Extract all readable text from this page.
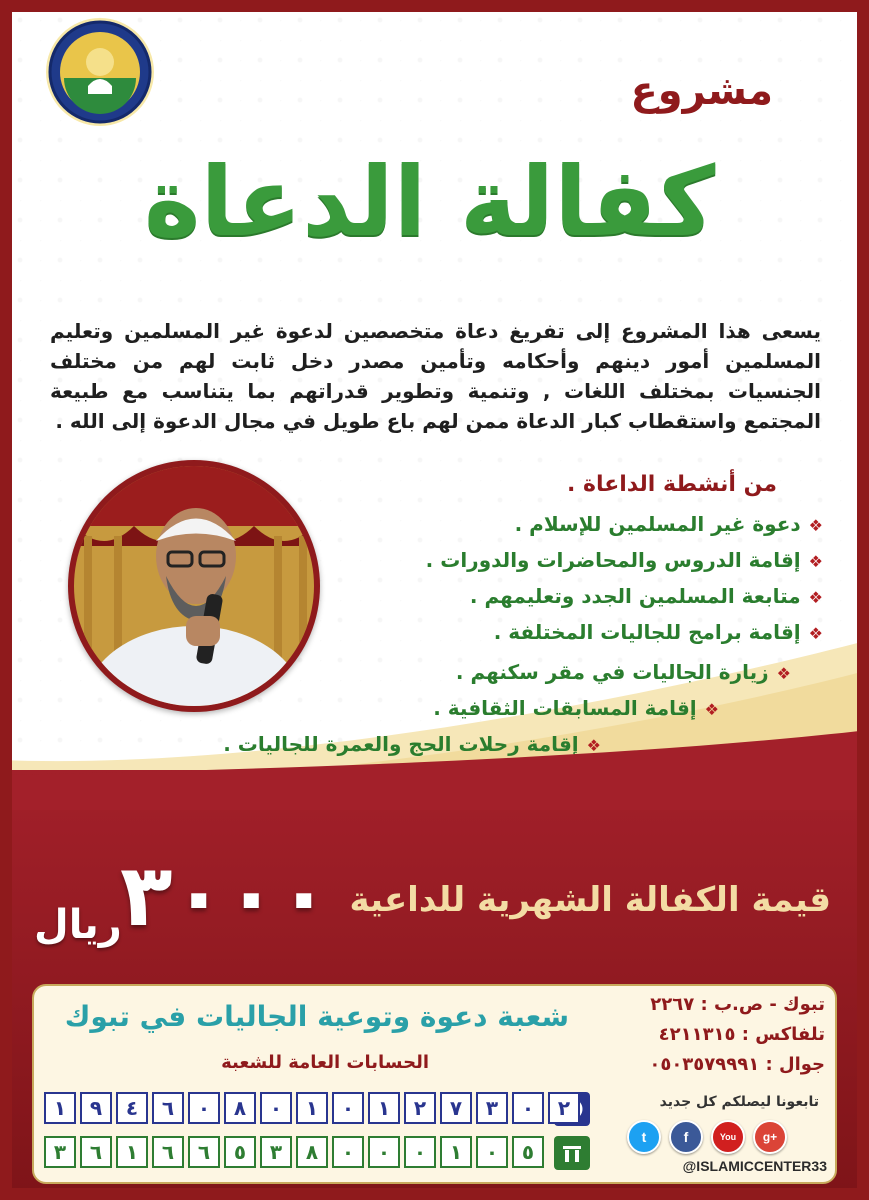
مشروع
كفالة الدعاة

يسعى هذا المشروع إلى تفريغ دعاة متخصصين لدعوة غير المسلمين وتعليم المسلمين أمور دينهم وأحكامه وتأمين مصدر دخل ثابت لهم من مختلف الجنسيات بمختلف اللغات , وتنمية وتطوير قدراتهم بما يتناسب مع طبيعة المجتمع واستقطاب كبار الدعاة ممن لهم باع طويل في مجال الدعوة إلى الله .

من أنشطة الداعاة .
❖دعوة غير المسلمين للإسلام .
❖إقامة الدروس والمحاضرات والدورات .
❖متابعة المسلمين الجدد وتعليمهم .
❖إقامة برامج للجاليات المختلفة .
❖زيارة الجاليات في مقر سكنهم .
❖إقامة المسابقات الثقافية .
❖إقامة رحلات الحج والعمرة للجاليات .
قيمة الكفالة الشهرية للداعية
٣٠٠٠
ريال
شعبة دعوة وتوعية الجاليات في تبوك
الحسابات العامة للشعبة
تبوك - ص.ب : ٢٢٦٧
تلفاكس : ٤٢١١٣١٥
جوال : ٠٥٠٣٥٧٩٩٩١
تابعونا ليصلكم كل جديد
t	f	You	g+
@ISLAMICCENTER33
١	٩	٤	٦	٠	٨	٠	١	٠	١	٢	٧	٣	٠	٢
٣	٦	١	٦	٦	٥	٣	٨	٠	٠	٠	١	٠	٥
